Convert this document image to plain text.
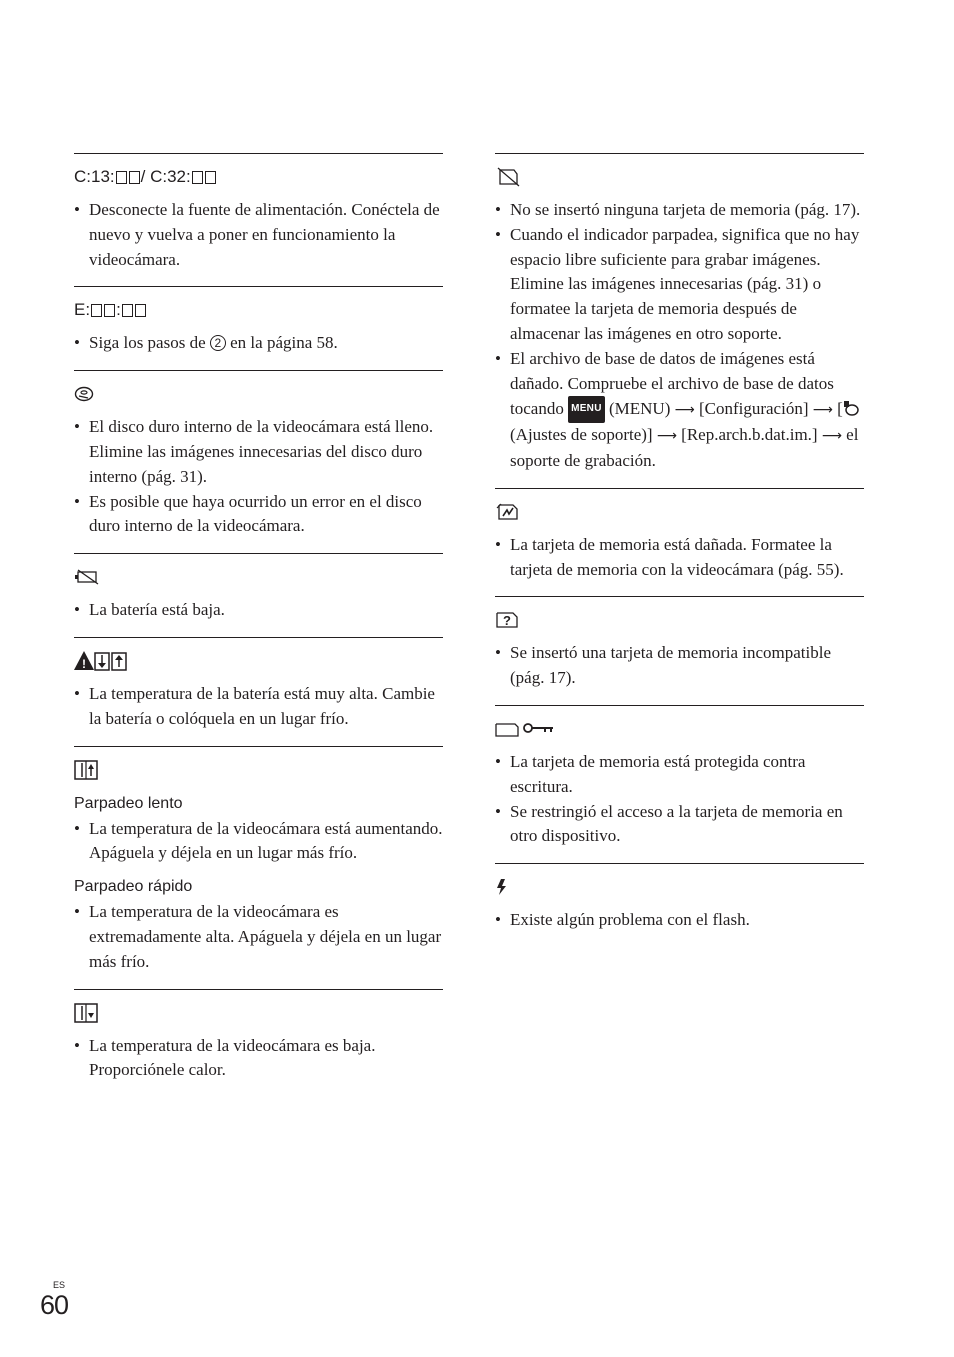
C:13: / C:32:
• Desconecte la fuente de alimentación. Conéctela de nuevo y vuelva a poner en funcionamiento la videocámara.
E: :
• Siga los pasos de 2 en la página 58.
• El disco duro interno de la videocámara está lleno. Elimine las imágenes innecesarias del disco duro interno (pág. 31).
• Es posible que haya ocurrido un error en el disco duro interno de la videocámara.
• La batería está baja.
!
• La temperatura de la batería está muy alta. Cambie la batería o colóquela en un lugar frío.
Parpadeo lento
• La temperatura de la videocámara está aumentando. Apáguela y déjela en un lugar más frío.
Parpadeo rápido
• La temperatura de la videocámara es extremadamente alta. Apáguela y déjela en un lugar más frío.
• La temperatura de la videocámara es baja. Proporciónele calor.
• No se insertó ninguna tarjeta de memoria (pág. 17).
• Cuando el indicador parpadea, significa que no hay espacio libre suficiente para grabar imágenes. Elimine las imágenes innecesarias (pág. 31) o formatee la tarjeta de memoria después de almacenar las imágenes en otro soporte.
• El archivo de base de datos de imágenes está dañado. Compruebe el archivo de base de datos tocando MENU (MENU) ⟶ [Configuración] ⟶ [ (Ajustes de soporte)] ⟶ [Rep.arch.b.dat.im.] ⟶ el soporte de grabación.
• La tarjeta de memoria está dañada. Formatee la tarjeta de memoria con la videocámara (pág. 55).
?
• Se insertó una tarjeta de memoria incompatible (pág. 17).
• La tarjeta de memoria está protegida contra escritura.
• Se restringió el acceso a la tarjeta de memoria en otro dispositivo.
• Existe algún problema con el flash.
ES
60
